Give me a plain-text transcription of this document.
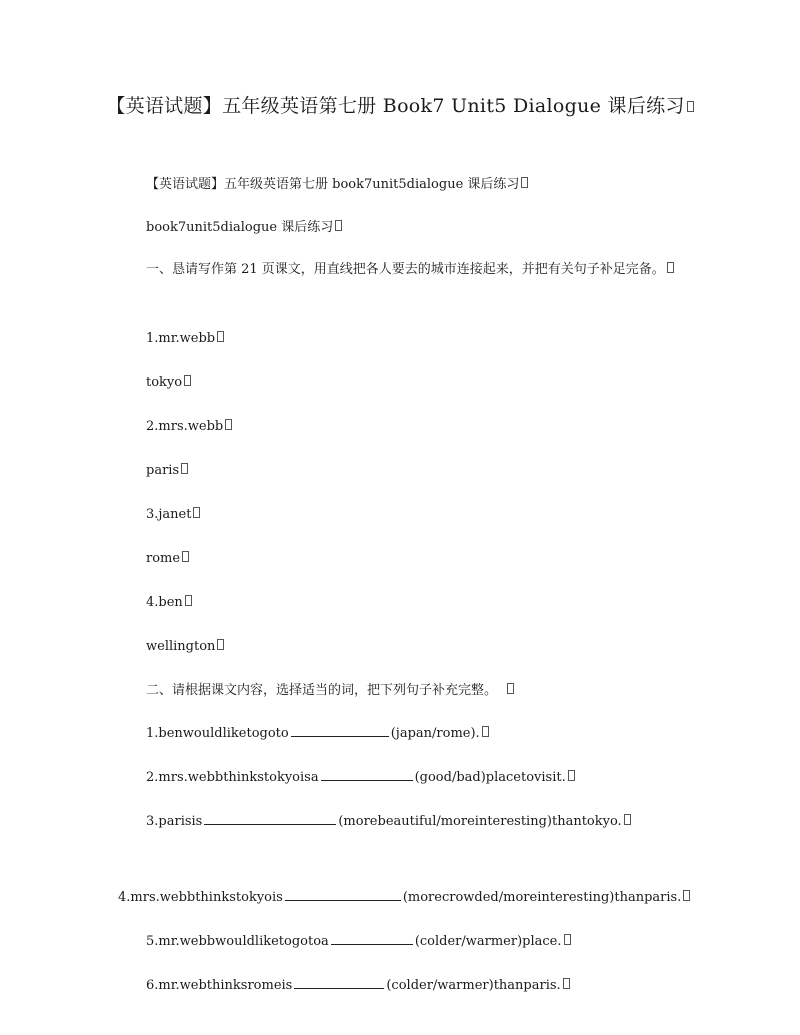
【英语试题】五年级英语第七册 Book7 Unit5 Dialogue 课后练习
【英语试题】五年级英语第七册 book7unit5dialogue 课后练习
book7unit5dialogue 课后练习
一、恳请写作第 21 页课文，用直线把各人要去的城市连接起来，并把有关句子补足完备。
1.mr.webb
tokyo
2.mrs.webb
paris
3.janet
rome
4.ben
wellington
二、请根据课文内容，选择适当的词，把下列句子补充完整。
1.benwouldliketogoto	(japan/rome).
2.mrs.webbthinkstokyoisa	(good/bad)placetovisit.
3.parisis	(morebeautiful/moreinteresting)thantokyo.
4.mrs.webbthinkstokyois	(morecrowded/moreinteresting)thanparis.
5.mr.webbwouldliketogotoa	(colder/warmer)place.
6.mr.webthinksromeis	(colder/warmer)thanparis.
